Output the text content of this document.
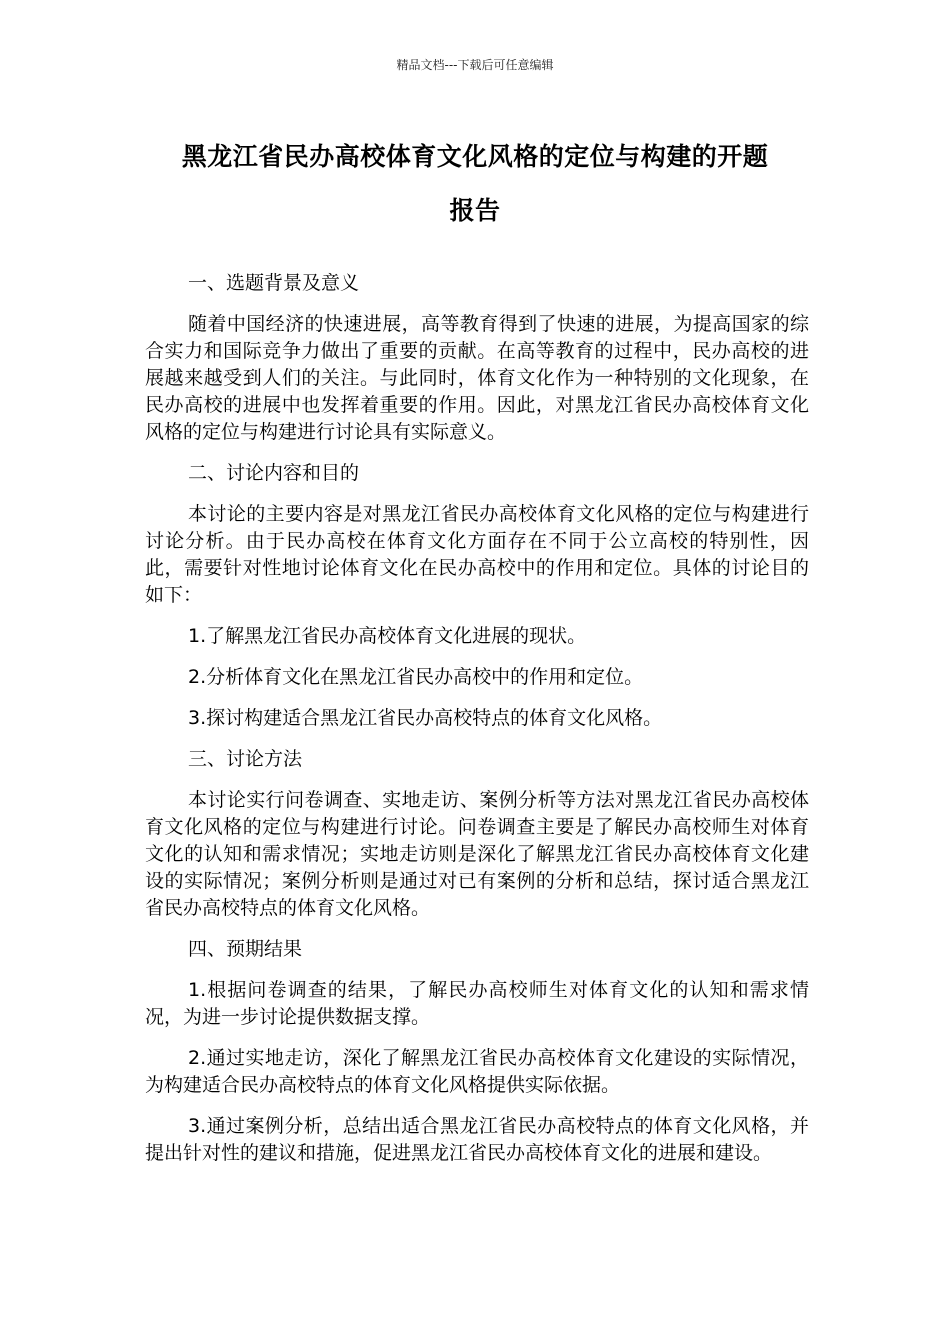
精品文档---下载后可任意编辑
黑龙江省民办高校体育文化风格的定位与构建的开题
报告

一、选题背景及意义

随着中国经济的快速进展，高等教育得到了快速的进展，为提高国家的综合实力和国际竞争力做出了重要的贡献。在高等教育的过程中，民办高校的进展越来越受到人们的关注。与此同时，体育文化作为一种特别的文化现象，在民办高校的进展中也发挥着重要的作用。因此，对黑龙江省民办高校体育文化风格的定位与构建进行讨论具有实际意义。

二、讨论内容和目的

本讨论的主要内容是对黑龙江省民办高校体育文化风格的定位与构建进行讨论分析。由于民办高校在体育文化方面存在不同于公立高校的特别性，因此，需要针对性地讨论体育文化在民办高校中的作用和定位。具体的讨论目的如下：

1.了解黑龙江省民办高校体育文化进展的现状。

2.分析体育文化在黑龙江省民办高校中的作用和定位。

3.探讨构建适合黑龙江省民办高校特点的体育文化风格。

三、讨论方法

本讨论实行问卷调查、实地走访、案例分析等方法对黑龙江省民办高校体育文化风格的定位与构建进行讨论。问卷调查主要是了解民办高校师生对体育文化的认知和需求情况；实地走访则是深化了解黑龙江省民办高校体育文化建设的实际情况；案例分析则是通过对已有案例的分析和总结，探讨适合黑龙江省民办高校特点的体育文化风格。

四、预期结果

1.根据问卷调查的结果，了解民办高校师生对体育文化的认知和需求情况，为进一步讨论提供数据支撑。

2.通过实地走访，深化了解黑龙江省民办高校体育文化建设的实际情况，为构建适合民办高校特点的体育文化风格提供实际依据。

3.通过案例分析，总结出适合黑龙江省民办高校特点的体育文化风格，并提出针对性的建议和措施，促进黑龙江省民办高校体育文化的进展和建设。
